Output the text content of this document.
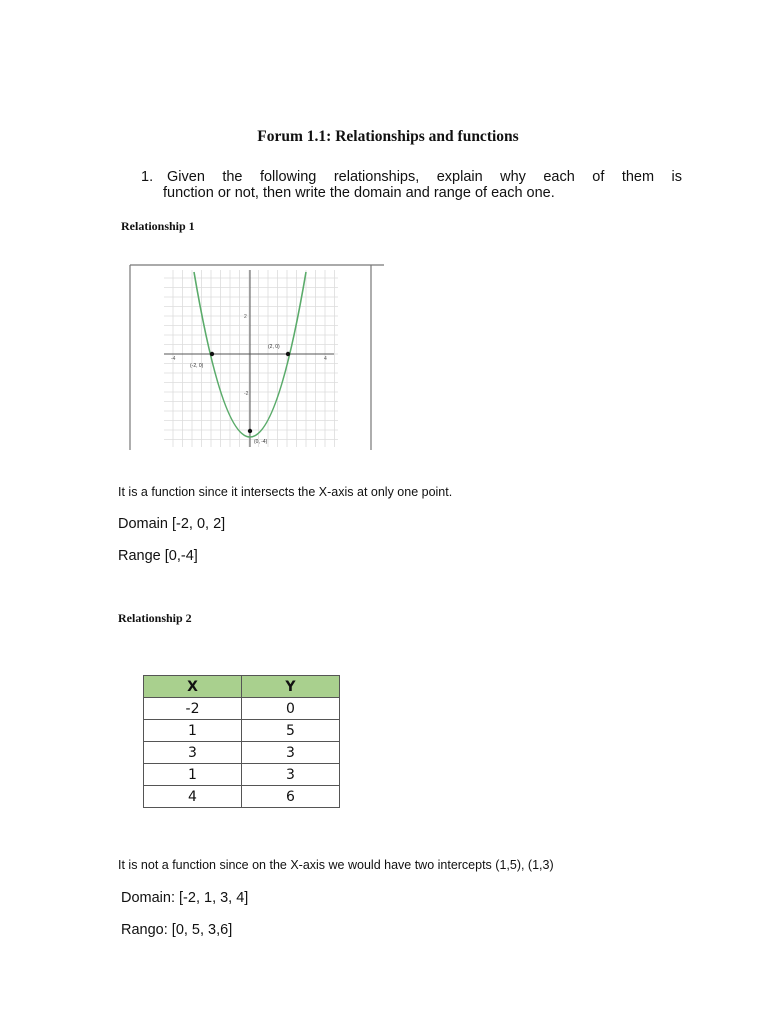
Forum 1.1: Relationships and functions
1. Given the following relationships, explain why each of them is
function or not, then write the domain and range of each one.
Relationship 1
-4	4
2
-2
(2, 0)
(-2, 0)
(0, -4)
It is a function since it intersects the X-axis at only one point.
Domain [-2, 0, 2]
Range [0,-4]
Relationship 2
X	Y
-2	0
1	5
3	3
1	3
4	6
It is not a function since on the X-axis we would have two intercepts (1,5), (1,3)
Domain: [-2, 1, 3, 4]
Rango: [0, 5, 3,6]
